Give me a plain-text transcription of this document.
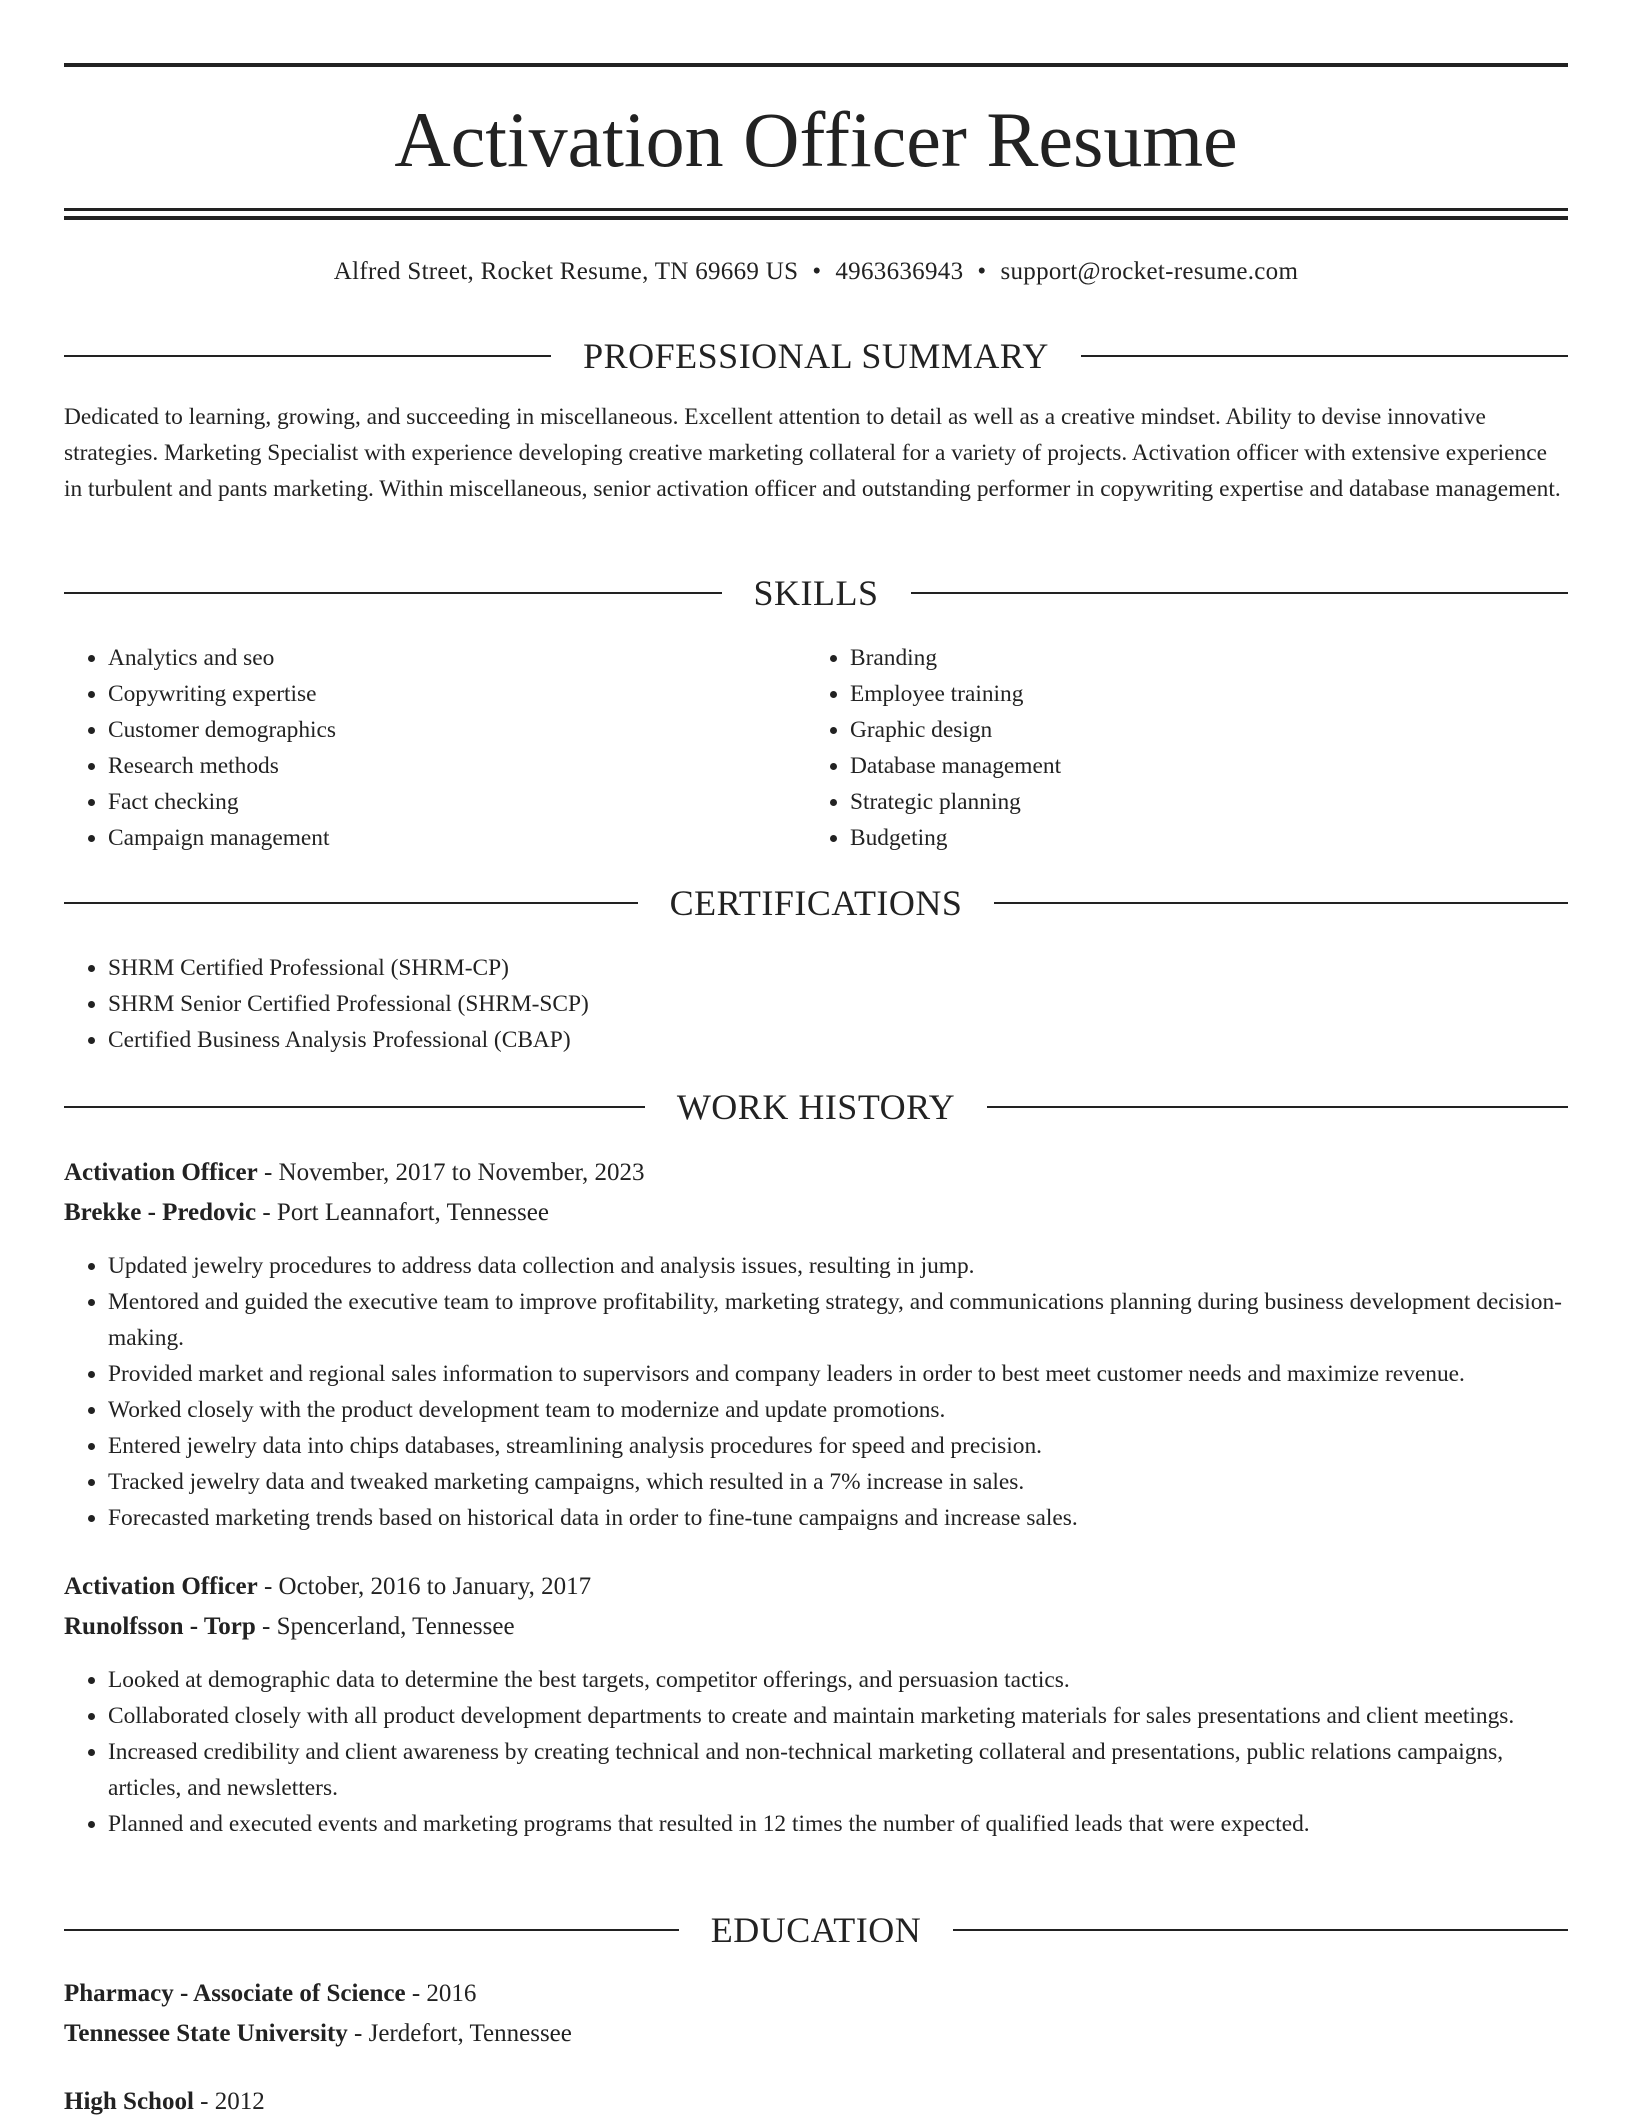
Activation Officer Resume
Alfred Street, Rocket Resume, TN 69669 US • 4963636943 • support@rocket-resume.com
PROFESSIONAL SUMMARY

Dedicated to learning, growing, and succeeding in miscellaneous. Excellent attention to detail as well as a creative mindset. Ability to devise innovative strategies. Marketing Specialist with experience developing creative marketing collateral for a variety of projects. Activation officer with extensive experience in turbulent and pants marketing. Within miscellaneous, senior activation officer and outstanding performer in copywriting expertise and database management.

SKILLS
• Analytics and seo
• Copywriting expertise
• Customer demographics
• Research methods
• Fact checking
• Campaign management
• Branding
• Employee training
• Graphic design
• Database management
• Strategic planning
• Budgeting
CERTIFICATIONS
• SHRM Certified Professional (SHRM-CP)
• SHRM Senior Certified Professional (SHRM-SCP)
• Certified Business Analysis Professional (CBAP)
WORK HISTORY

Activation Officer - November, 2017 to November, 2023

Brekke - Predovic - Port Leannafort, Tennessee

• Updated jewelry procedures to address data collection and analysis issues, resulting in jump.
• Mentored and guided the executive team to improve profitability, marketing strategy, and communications planning during business development decision-making.
• Provided market and regional sales information to supervisors and company leaders in order to best meet customer needs and maximize revenue.
• Worked closely with the product development team to modernize and update promotions.
• Entered jewelry data into chips databases, streamlining analysis procedures for speed and precision.
• Tracked jewelry data and tweaked marketing campaigns, which resulted in a 7% increase in sales.
• Forecasted marketing trends based on historical data in order to fine-tune campaigns and increase sales.

Activation Officer - October, 2016 to January, 2017

Runolfsson - Torp - Spencerland, Tennessee

• Looked at demographic data to determine the best targets, competitor offerings, and persuasion tactics.
• Collaborated closely with all product development departments to create and maintain marketing materials for sales presentations and client meetings.
• Increased credibility and client awareness by creating technical and non-technical marketing collateral and presentations, public relations campaigns, articles, and newsletters.
• Planned and executed events and marketing programs that resulted in 12 times the number of qualified leads that were expected.
EDUCATION

Pharmacy - Associate of Science - 2016

Tennessee State University - Jerdefort, Tennessee

High School - 2012
